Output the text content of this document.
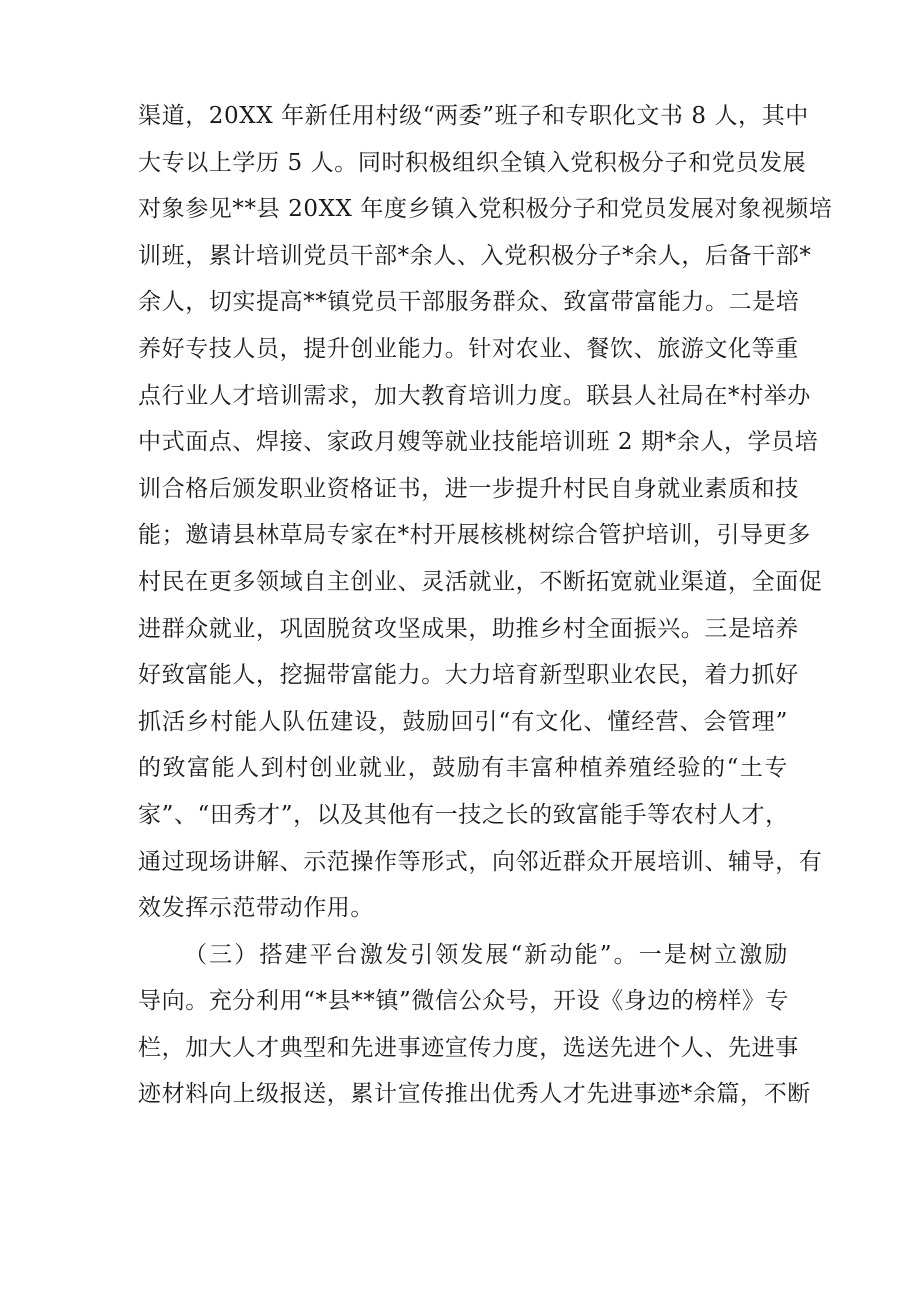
渠道，20XX 年新任用村级“两委”班子和专职化文书 8 人，其中
大专以上学历 5 人。同时积极组织全镇入党积极分子和党员发展
对象参见**县 20XX 年度乡镇入党积极分子和党员发展对象视频培
训班，累计培训党员干部*余人、入党积极分子*余人，后备干部*
余人，切实提高**镇党员干部服务群众、致富带富能力。二是培
养好专技人员，提升创业能力。针对农业、餐饮、旅游文化等重
点行业人才培训需求，加大教育培训力度。联县人社局在*村举办
中式面点、焊接、家政月嫂等就业技能培训班 2 期*余人，学员培
训合格后颁发职业资格证书，进一步提升村民自身就业素质和技
能；邀请县林草局专家在*村开展核桃树综合管护培训，引导更多
村民在更多领域自主创业、灵活就业，不断拓宽就业渠道，全面促
进群众就业，巩固脱贫攻坚成果，助推乡村全面振兴。三是培养
好致富能人，挖掘带富能力。大力培育新型职业农民，着力抓好
抓活乡村能人队伍建设，鼓励回引“有文化、懂经营、会管理”
的致富能人到村创业就业，鼓励有丰富种植养殖经验的“土专
家”、“田秀才”，以及其他有一技之长的致富能手等农村人才，
通过现场讲解、示范操作等形式，向邻近群众开展培训、辅导，有
效发挥示范带动作用。
（三）搭建平台激发引领发展“新动能”。一是树立激励
导向。充分利用“*县**镇”微信公众号，开设《身边的榜样》专
栏，加大人才典型和先进事迹宣传力度，选送先进个人、先进事
迹材料向上级报送，累计宣传推出优秀人才先进事迹*余篇，不断
